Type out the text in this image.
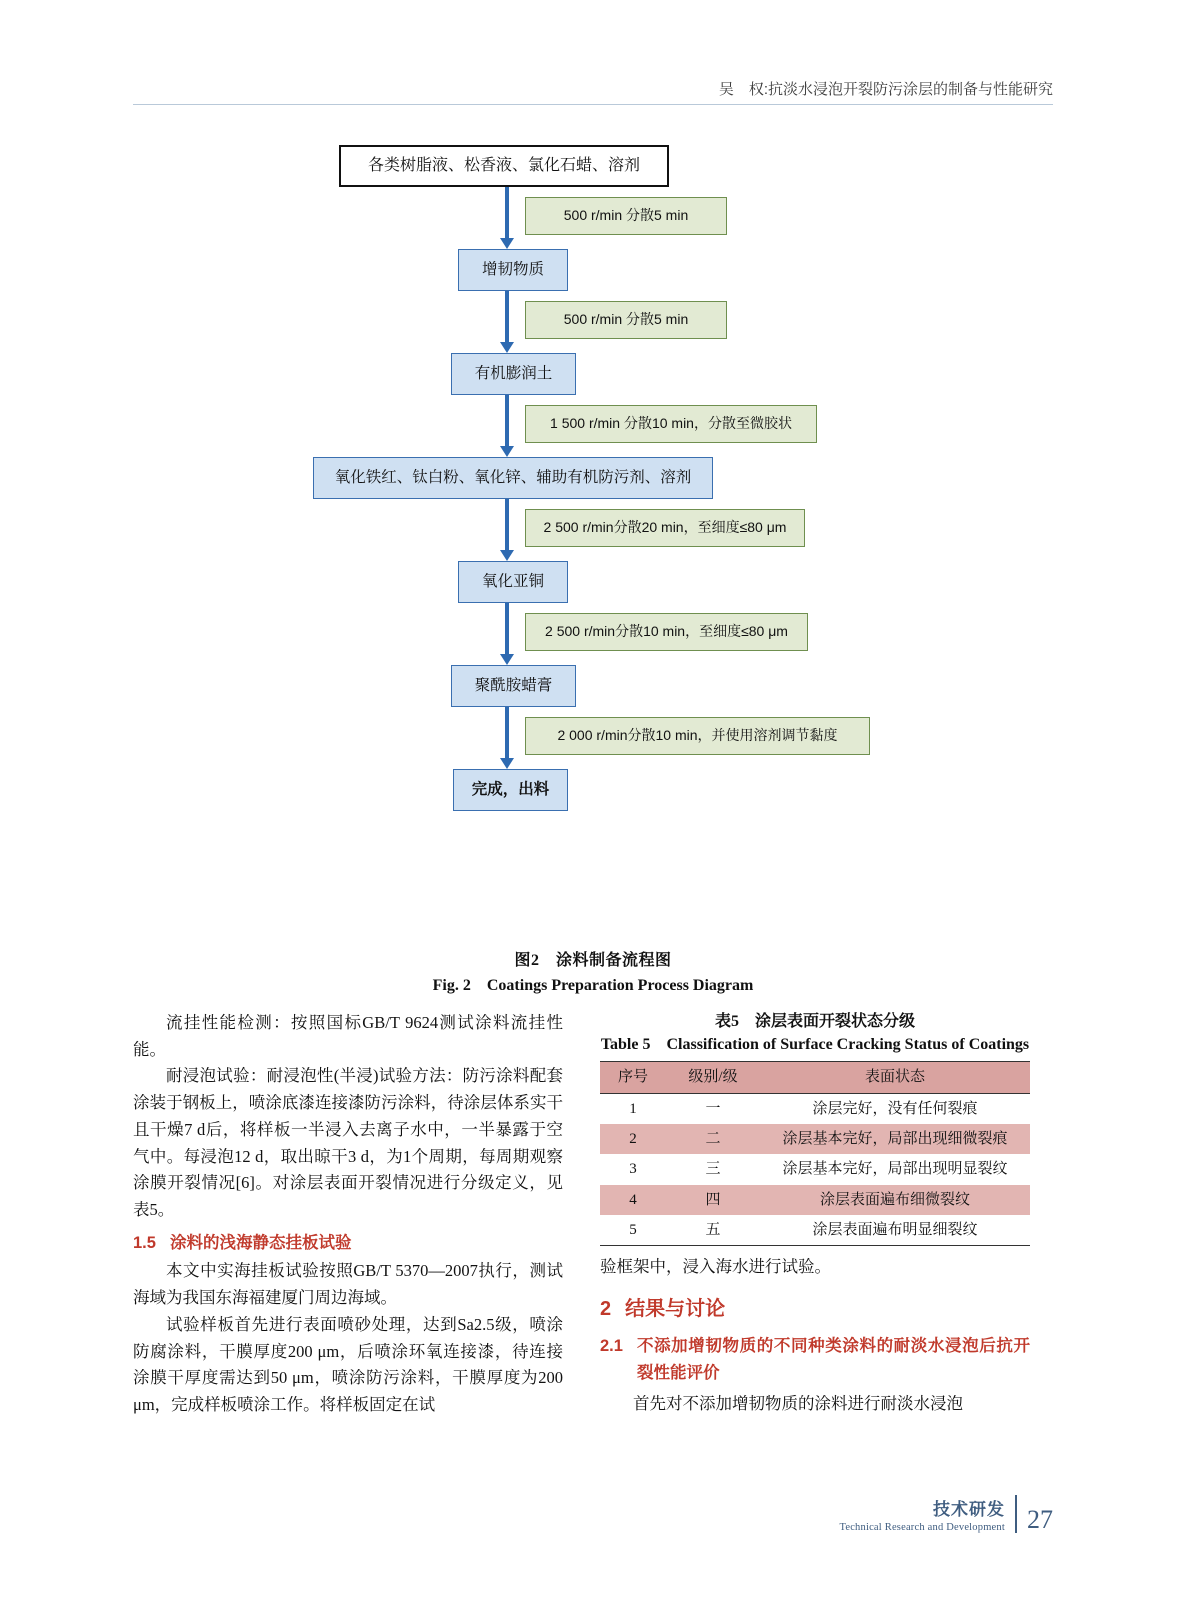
吴　权:抗淡水浸泡开裂防污涂层的制备与性能研究
各类树脂液、松香液、氯化石蜡、溶剂
500 r/min 分散5 min
增韧物质
500 r/min 分散5 min
有机膨润土
1 500 r/min 分散10 min，分散至微胶状
氧化铁红、钛白粉、氧化锌、辅助有机防污剂、溶剂
2 500 r/min分散20 min，至细度≤80 μm
氧化亚铜
2 500 r/min分散10 min，至细度≤80 μm
聚酰胺蜡膏
2 000 r/min分散10 min，并使用溶剂调节黏度
完成，出料
图2　涂料制备流程图
Fig. 2　Coatings Preparation Process Diagram

流挂性能检测：按照国标GB/T 9624测试涂料流挂性能。

耐浸泡试验：耐浸泡性(半浸)试验方法：防污涂料配套涂装于钢板上，喷涂底漆连接漆防污涂料，待涂层体系实干且干燥7 d后，将样板一半浸入去离子水中，一半暴露于空气中。每浸泡12 d，取出晾干3 d，为1个周期，每周期观察涂膜开裂情况[6]。对涂层表面开裂情况进行分级定义，见表5。

1.5 涂料的浅海静态挂板试验

本文中实海挂板试验按照GB/T 5370—2007执行，测试海域为我国东海福建厦门周边海域。

试验样板首先进行表面喷砂处理，达到Sa2.5级，喷涂防腐涂料，干膜厚度200 μm，后喷涂环氧连接漆，待连接涂膜干厚度需达到50 μm，喷涂防污涂料，干膜厚度为200 μm，完成样板喷涂工作。将样板固定在试

表5　涂层表面开裂状态分级
Table 5　Classification of Surface Cracking Status of Coatings
序号	级别/级	表面状态
1	一	涂层完好，没有任何裂痕
2	二	涂层基本完好，局部出现细微裂痕
3	三	涂层基本完好，局部出现明显裂纹
4	四	涂层表面遍布细微裂纹
5	五	涂层表面遍布明显细裂纹

验框架中，浸入海水进行试验。

2 结果与讨论
2.1 不添加增韧物质的不同种类涂料的耐淡水浸泡后抗开裂性能评价

首先对不添加增韧物质的涂料进行耐淡水浸泡

技术研发
Technical Research and Development 27
